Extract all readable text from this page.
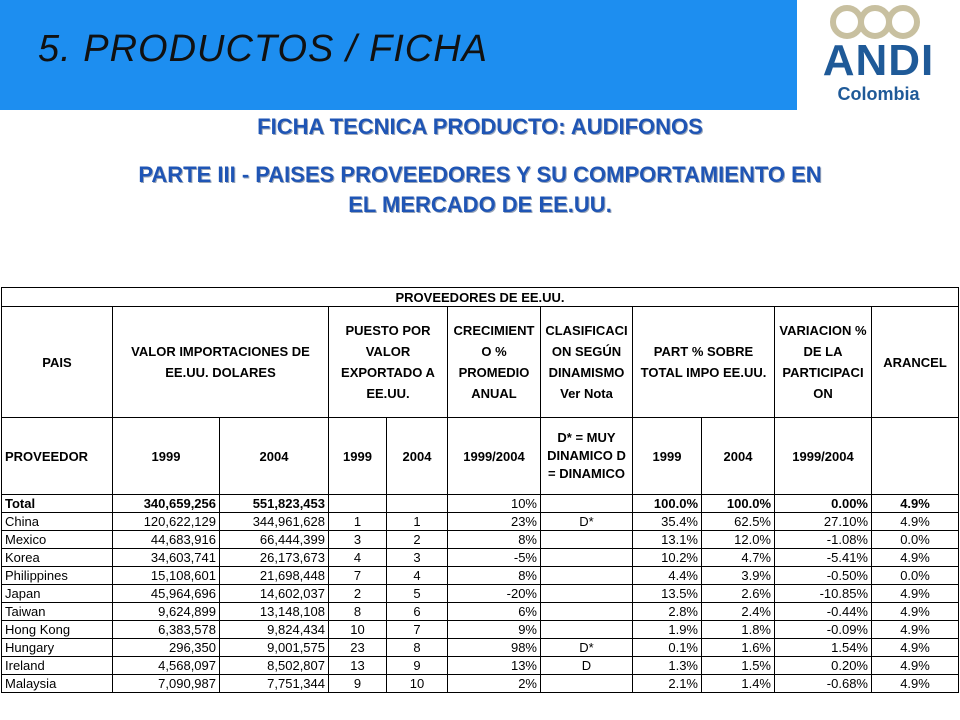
5. PRODUCTOS / FICHA	ANDI
Colombia
FICHA TECNICA PRODUCTO: AUDIFONOS
PARTE III - PAISES PROVEEDORES Y SU COMPORTAMIENTO EN
EL MERCADO DE EE.UU.
PROVEEDORES DE EE.UU.										
PAIS	VALOR IMPORTACIONES DE EE.UU. DOLARES		PUESTO POR VALOR EXPORTADO A EE.UU.		CRECIMIENT O % PROMEDIO ANUAL	CLASIFICACI ON SEGÚN DINAMISMO Ver Nota	PART % SOBRE TOTAL IMPO EE.UU.		VARIACION % DE LA PARTICIPACI ON	ARANCEL
PROVEEDOR	1999	2004	1999	2004	1999/2004	D* = MUY DINAMICO D = DINAMICO	1999	2004	1999/2004	
Total	340,659,256	551,823,453			10%		100.0%	100.0%	0.00%	4.9%
China	120,622,129	344,961,628	1	1	23%	D*	35.4%	62.5%	27.10%	4.9%
Mexico	44,683,916	66,444,399	3	2	8%		13.1%	12.0%	-1.08%	0.0%
Korea	34,603,741	26,173,673	4	3	-5%		10.2%	4.7%	-5.41%	4.9%
Philippines	15,108,601	21,698,448	7	4	8%		4.4%	3.9%	-0.50%	0.0%
Japan	45,964,696	14,602,037	2	5	-20%		13.5%	2.6%	-10.85%	4.9%
Taiwan	9,624,899	13,148,108	8	6	6%		2.8%	2.4%	-0.44%	4.9%
Hong Kong	6,383,578	9,824,434	10	7	9%		1.9%	1.8%	-0.09%	4.9%
Hungary	296,350	9,001,575	23	8	98%	D*	0.1%	1.6%	1.54%	4.9%
Ireland	4,568,097	8,502,807	13	9	13%	D	1.3%	1.5%	0.20%	4.9%
Malaysia	7,090,987	7,751,344	9	10	2%		2.1%	1.4%	-0.68%	4.9%
